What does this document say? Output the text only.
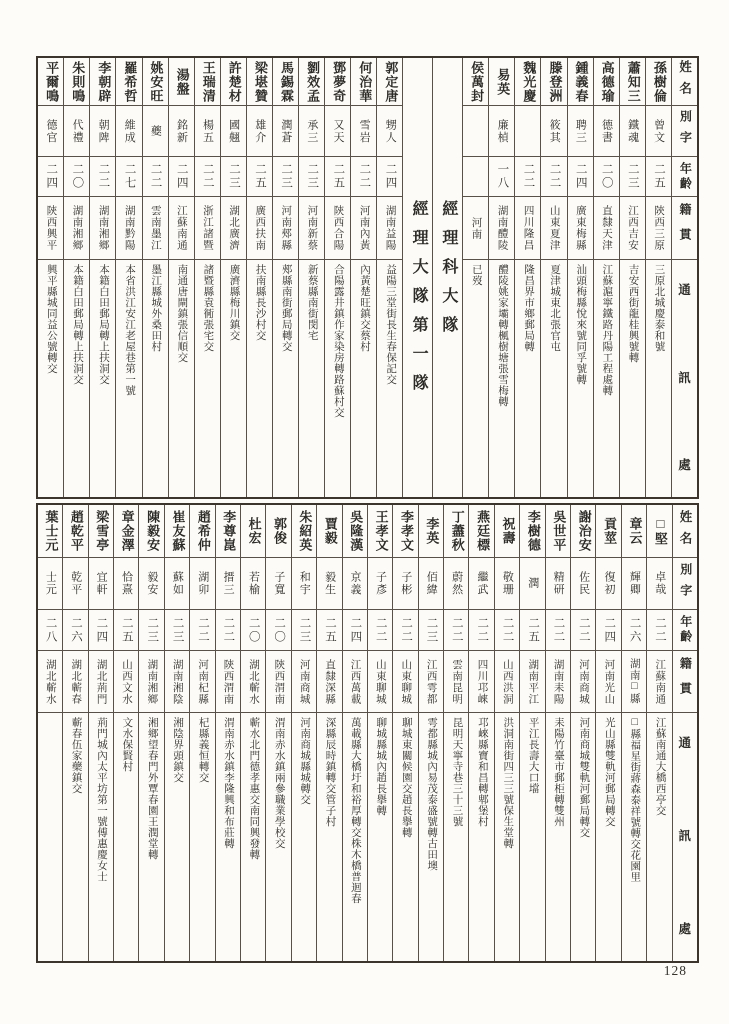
姓名
別字
年齡
籍貫
通
訊
處
孫樹倫
曾文
二五
陝西三原
三原北城慶泰和號
蕭知三
鐵魂
二三
江西吉安
吉安西街龍桂興號轉
高德瑜
德書
二〇
直隸天津
江蘇滬寧鐵路丹陽工程處轉
鍾義春
聘三
二四
廣東梅縣
汕頭梅縣悅來號同孚號轉
滕登洲
筱其
二二
山東夏津
夏津城東北張官屯
魏光慶
二二
四川隆昌
隆昌界市鄉郵局轉
易英
廉楨
一八
湖南醴陵
醴陵姚家壩轉楓樹塘張雪梅轉
侯萬封
河南
已歿
經理科大隊
經理大隊第一隊
郭定唐
甥人
二四
湖南益陽
益陽三堂街長生春保記交
何治華
雪岩
二二
河南內黃
內黃楚旺鎮交蔡村
鄧夢奇
又天
二五
陝西合陽
合陽露井鎮作家染房轉路蘇村交
劉效孟
承三
二三
河南新蔡
新蔡縣南街閔宅
馬錫霖
潤蒼
二三
河南郟縣
郟縣南街郵局轉交
梁堪贊
雄介
二五
廣西扶南
扶南縣長沙村交
許楚材
國翹
二三
湖北廣濟
廣濟縣梅川鎮交
王瑞清
楊五
二二
浙江諸暨
諸暨縣袁衕張宅交
湯盤
銘新
二四
江蘇南通
南通唐閘鎮張信順交
姚安旺
夔
二二
雲南墨江
墨江縣城外桑田村
羅希哲
維成
二七
湖南黔陽
本省洪江安江老屋巷第一號
李朝辟
朝陴
二二
湖南湘鄉
本籍白田郵局轉上扶洞交
朱則鳴
代禮
二〇
湖南湘鄉
本籍白田郵局轉上扶洞交
平爾鳴
德官
二四
陝西興平
興平縣城同益公號轉交
姓名
別字
年齡
籍貫
通
訊
處
□堅
卓哉
二二
江蘇南通
江蘇南通大橋西亭交
章云
輝卿
二六
湖南□縣
□縣福星街蔣森泰祥號轉交花園里
貢莖
復初
二四
河南光山
光山縣雙軌河郵局轉交
謝治安
佐民
二二
河南商城
河南商城雙軌河郵局轉交
吳世平
精研
二二
湖南耒陽
耒陽竹臺市郵柜轉雙州
李樹德
潤
二五
湖南平江
平江長壽大口壋
祝壽
敬珊
二二
山西洪洞
洪洞南街四三三號保生堂轉
燕廷標
繼武
二二
四川邛崍
邛崍縣寶和昌轉郫堡村
丁藎秋
蔚然
二二
雲南昆明
昆明天寧寺巷三十三號
李英
佰緯
二三
江西雩都
雩都縣城內易茂泰盛號轉古田墺
李孝文
子彬
二二
山東聊城
聊城東關候園交趙長擧轉
王孝文
子彥
二二
山東聊城
聊城縣城內趙長擧轉
吳隆漢
京義
二四
江西萬載
萬載縣大橋圩和裕厚轉交株木橋普迴春
賈毅
毅生
二五
直隸深縣
深縣辰時鎮轉交管子村
朱紹英
和宇
二三
河南商城
河南商城縣城轉交
郭俊
子寬
二〇
陝西渭南
渭南赤水鎮兩參職業學校交
杜宏
若榆
二〇
湖北蘄水
蘄水北門德孝惠交南同興發轉
李尊崑
搢三
二二
陝西渭南
渭南赤水鎮李隆興和布莊轉
趙希仲
湖卯
二二
河南杞縣
杞縣義恒轉交
崔友蘇
蘇如
二三
湖南湘陰
湘陰界頭鎮交
陳毅安
毅安
二三
湖南湘鄉
湘鄉望春門外覃春園王潤堂轉
章金澤
恰熹
二五
山西文水
文水保賢村
梁雪亭
宜軒
二四
湖北荊門
荊門城內太平坊第一號傅惠慶女士
趙乾平
乾平
二六
湖北蘄春
蘄春伍家藥鎮交
葉士元
士元
二八
湖北蘄水
128
